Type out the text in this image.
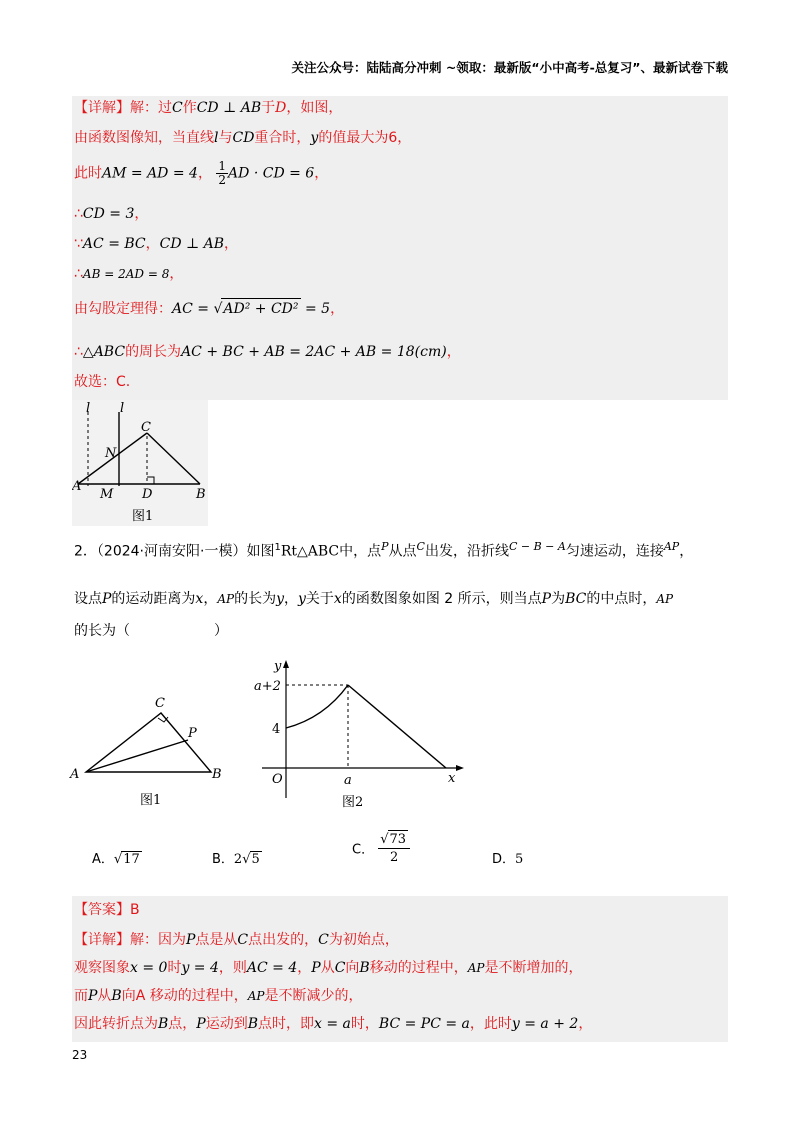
关注公众号：陆陆高分冲刺 ~领取：最新版“小中高考-总复习”、最新试卷下载
【详解】解：过C作CD ⊥ AB于D，如图，
由函数图像知，当直线l与CD重合时，y的值最大为6，
此时AM = AD = 4， $\frac{1}{2}$ AD · CD = 6，
∴CD = 3，
∵AC = BC，CD ⊥ AB，
∴AB = 2AD = 8，
由勾股定理得：AC = √AD² + CD² = 5，
∴△ABC的周长为AC + BC + AB = 2AC + AB = 18(cm)，
故选：C.
l l
C
N
A
M D	B
图1
2．（2024·河南安阳·一模）如图$^1$Rt△ABC中，点$^P$从点$^C$出发，沿折线$^{C - B - A}$匀速运动，连接$^{AP}$，
设点P的运动距离为x，AP的长为y，y关于x的函数图象如图 2 所示，则当点P为BC的中点时，AP
的长为（　　　　　　）
C
P
A	B
图1
y
a+2
4
O	a	x
图2
A．√17	B．2√5
C． $\frac{√73}{2}$	D．5
【答案】B
【详解】解：因为P点是从C点出发的，C为初始点，
观察图象x = 0时y = 4，则AC = 4，P从C向B移动的过程中，AP是不断增加的，
而P从B向A 移动的过程中，AP是不断减少的，
因此转折点为B点，P运动到B点时，即x = a时，BC = PC = a，此时y = a + 2，
23
